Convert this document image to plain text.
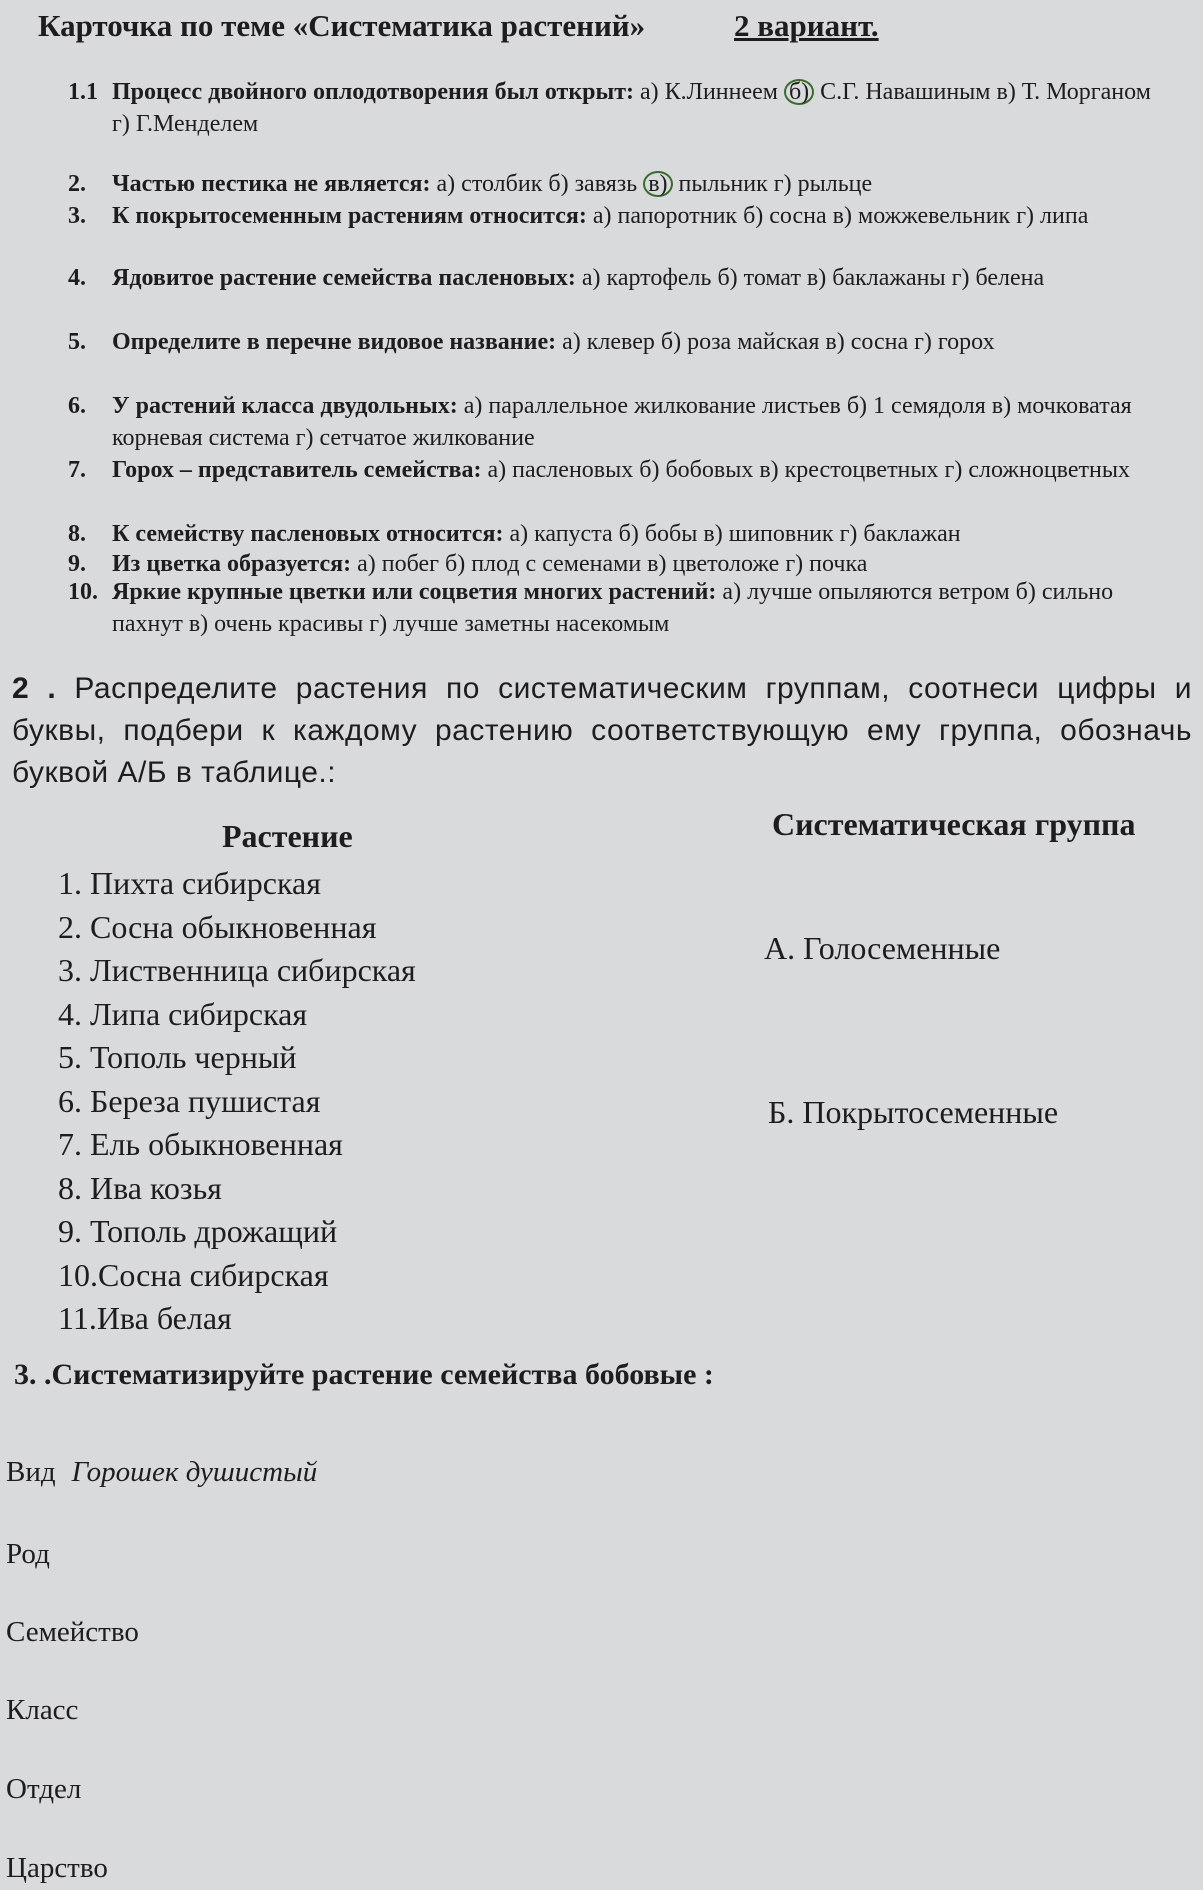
Карточка по теме «Систематика растений»	2 вариант.
1.1 Процесс двойного оплодотворения был открыт: а) К.Линнеем б) С.Г. Навашиным в) Т. Морганом г) Г.Менделем
2. Частью пестика не является: а) столбик б) завязь в) пыльник г) рыльце
3. К покрытосеменным растениям относится: а) папоротник б) сосна в) можжевельник г) липа
4. Ядовитое растение семейства пасленовых: а) картофель б) томат в) баклажаны г) белена
5. Определите в перечне видовое название: а) клевер б) роза майская в) сосна г) горох
6. У растений класса двудольных: а) параллельное жилкование листьев б) 1 семядоля в) мочковатая корневая система г) сетчатое жилкование
7. Горох – представитель семейства: а) пасленовых б) бобовых в) крестоцветных г) сложноцветных
8. К семейству пасленовых относится: а) капуста б) бобы в) шиповник г) баклажан
9. Из цветка образуется: а) побег б) плод с семенами в) цветоложе г) почка
10. Яркие крупные цветки или соцветия многих растений: а) лучше опыляются ветром б) сильно пахнут в) очень красивы г) лучше заметны насекомым
2 . Распределите растения по систематическим группам, соотнеси цифры и буквы, подбери к каждому растению соответствующую ему группа, обозначь буквой А/Б в таблице.:
Растение	Систематическая группа
1. Пихта сибирская
2. Сосна обыкновенная
3. Лиственница сибирская
4. Липа сибирская
5. Тополь черный
6. Береза пушистая
7. Ель обыкновенная
8. Ива козья
9. Тополь дрожащий
10.Сосна сибирская
11.Ива белая
А. Голосеменные
Б. Покрытосеменные
3. .Систематизируйте растение семейства бобовые :
Вид Горошек душистый
Род
Семейство
Класс
Отдел
Царство
